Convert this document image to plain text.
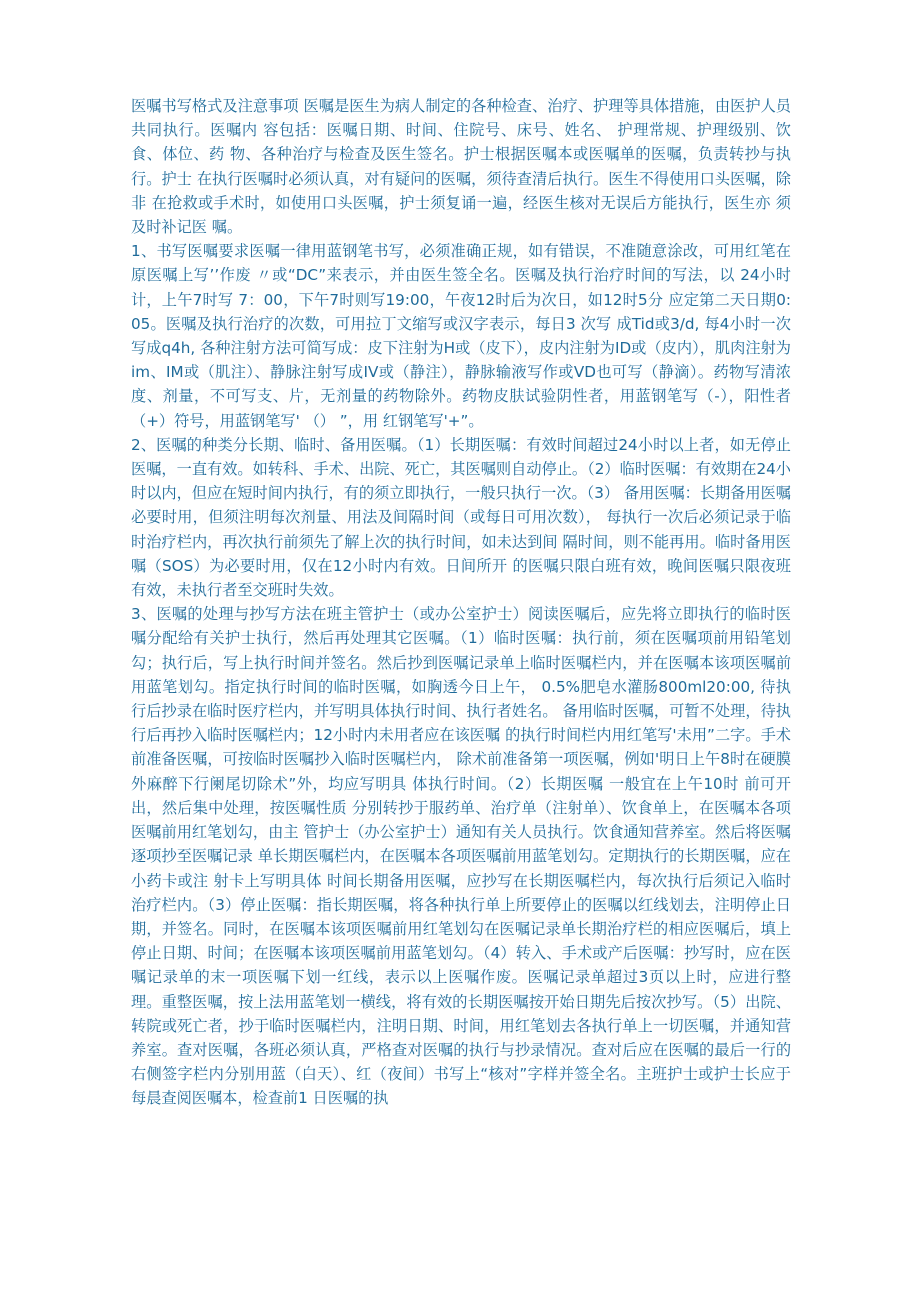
医嘱书写格式及注意事项 医嘱是医生为病人制定的各种检查、治疗、护理等具体措施，由医护人员共同执行。医嘱内 容包括：医嘱日期、时间、住院号、床号、姓名、 护理常规、护理级别、饮食、体位、药 物、各种治疗与检查及医生签名。护士根据医嘱本或医嘱单的医嘱，负责转抄与执行。护士 在执行医嘱时必须认真，对有疑问的医嘱，须待查清后执行。医生不得使用口头医嘱，除非 在抢救或手术时，如使用口头医嘱，护士须复诵一遍，经医生核对无误后方能执行，医生亦 须及时补记医 嘱。

1、书写医嘱要求医嘱一律用蓝钢笔书写，必须准确正规，如有错误，不准随意涂改，可用红笔在原医嘱上写’’作废 〃或“DC”来表示，并由医生签全名。医嘱及执行治疗时间的写法，以 24小时计，上午7时写 7：00，下午7时则写19:00，午夜12时后为次日，如12时5分 应定第二天日期0:05。医嘱及执行治疗的次数，可用拉丁文缩写或汉字表示，每日3 次写 成Tid或3/d, 每4小时一次写成q4h, 各种注射方法可简写成：皮下注射为H或（皮下），皮内注射为ID或（皮内），肌肉注射为im、IM或（肌注）、静脉注射写成IV或（静注），静脉输液写作或VD也可写（静滴）。药物写清浓度、剂量，不可写支、片，无剂量的药物除外。药物皮肤试验阴性者，用蓝钢笔写（-），阳性者（+）符号，用蓝钢笔写' （） ”，用 红钢笔写'+”。

2、医嘱的种类分长期、临时、备用医嘱。（1）长期医嘱：有效时间超过24小时以上者，如无停止医嘱，一直有效。如转科、手术、出院、死亡，其医嘱则自动停止。（2）临时医嘱：有效期在24小时以内，但应在短时间内执行，有的须立即执行，一般只执行一次。（3） 备用医嘱：长期备用医嘱必要时用，但须注明每次剂量、用法及间隔时间（或每日可用次数）， 每执行一次后必须记录于临时治疗栏内，再次执行前须先了解上次的执行时间，如未达到间 隔时间，则不能再用。临时备用医嘱（SOS）为必要时用，仅在12小时内有效。日间所开 的医嘱只限白班有效，晚间医嘱只限夜班有效，未执行者至交班时失效。

3、医嘱的处理与抄写方法在班主管护士（或办公室护士）阅读医嘱后，应先将立即执行的临时医嘱分配给有关护士执行，然后再处理其它医嘱。（1）临时医嘱：执行前，须在医嘱项前用铅笔划勾；执行后，写上执行时间并签名。然后抄到医嘱记录单上临时医嘱栏内，并在医嘱本该项医嘱前用蓝笔划勾。指定执行时间的临时医嘱，如胸透今日上午， 0.5%肥皂水灌肠800ml20:00, 待执行后抄录在临时医疗栏内，并写明具体执行时间、执行者姓名。 备用临时医嘱，可暂不处理，待执行后再抄入临时医嘱栏内；12小时内未用者应在该医嘱 的执行时间栏内用红笔写'未用”二字。手术前准备医嘱，可按临时医嘱抄入临时医嘱栏内， 除术前准备第一项医嘱，例如'明日上午8时在硬膜外麻醉下行阑尾切除术”外，均应写明具 体执行时间。（2）长期医嘱 一般宜在上午10时 前可开出，然后集中处理，按医嘱性质 分别转抄于服药单、治疗单（注射单）、饮食单上，在医嘱本各项医嘱前用红笔划勾，由主 管护士（办公室护士）通知有关人员执行。饮食通知营养室。然后将医嘱逐项抄至医嘱记录 单长期医嘱栏内，在医嘱本各项医嘱前用蓝笔划勾。定期执行的长期医嘱，应在小药卡或注 射卡上写明具体 时间长期备用医嘱，应抄写在长期医嘱栏内，每次执行后须记入临时治疗栏内。（3）停止医嘱：指长期医嘱，将各种执行单上所要停止的医嘱以红线划去，注明停止日期，并签名。同时，在医嘱本该项医嘱前用红笔划勾在医嘱记录单长期治疗栏的相应医嘱后，填上停止日期、时间；在医嘱本该项医嘱前用蓝笔划勾。（4）转入、手术或产后医嘱：抄写时，应在医嘱记录单的末一项医嘱下划一红线，表示以上医嘱作废。医嘱记录单超过3页以上时，应进行整理。重整医嘱，按上法用蓝笔划一横线，将有效的长期医嘱按开始日期先后按次抄写。（5）出院、转院或死亡者，抄于临时医嘱栏内，注明日期、时间，用红笔划去各执行单上一切医嘱，并通知营养室。查对医嘱，各班必须认真，严格查对医嘱的执行与抄录情况。查对后应在医嘱的最后一行的右侧签字栏内分别用蓝（白天）、红（夜间）书写上“核对”字样并签全名。主班护士或护士长应于每晨查阅医嘱本，检查前1 日医嘱的执
